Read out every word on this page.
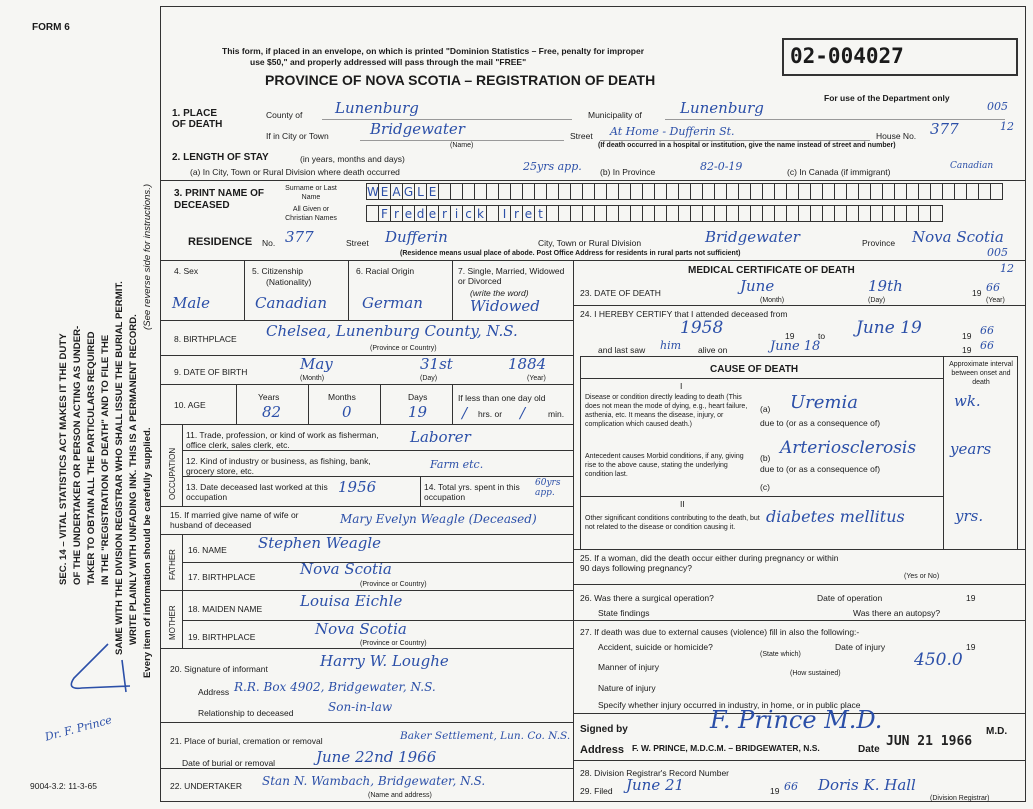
FORM 6
SEC. 14 – VITAL STATISTICS ACT MAKES IT THE DUTY OF THE UNDERTAKER OR PERSON ACTING AS UNDER- TAKER TO OBTAIN ALL THE PARTICULARS REQUIRED IN THE "REGISTRATION OF DEATH" AND TO FILE THE SAME WITH THE DIVISION REGISTRAR WHO SHALL ISSUE THE BURIAL PERMIT. WRITE PLAINLY WITH UNFADING INK. THIS IS A PERMANENT RECORD.
(See reverse side for instructions.)
Every item of information should be carefully supplied.
Dr. F. Prince
9004-3.2: 11-3-65
This form, if placed in an envelope, on which is printed "Dominion Statistics – Free, penalty for improper
use $50," and properly addressed will pass through the mail "FREE"
PROVINCE OF NOVA SCOTIA – REGISTRATION OF DEATH
02-004027
For use of the Department only
005
12
005
12
1. PLACE OF DEATH
County of Lunenburg	Municipality of	Lunenburg
If in City or Town	Bridgewater
(Name)
Street At Home - Dufferin St.	House No. 377
(If death occurred in a hospital or institution, give the name instead of street and number)
2. LENGTH OF STAY	(in years, months and days)
(a) In City, Town or Rural Division where death occurred	25yrs app. (b) In Province	82-0-19	(c) In Canada (if immigrant)
Canadian
3. PRINT NAME OF DECEASED
Surname or Last Name
All Given or Christian Names
W E A G L E
F r e d e r i c k	I r e t
RESIDENCE No. 377	Street Dufferin	City, Town or Rural Division	Bridgewater	Province Nova Scotia
(Residence means usual place of abode. Post Office Address for residents in rural parts not sufficient)
4. Sex
Male
5. Citizenship
(Nationality)
Canadian
6. Racial Origin
German
7. Single, Married, Widowed or Divorced
(write the word)
Widowed
8. BIRTHPLACE Chelsea, Lunenburg County, N.S.
(Province or Country)
9. DATE OF BIRTH	May
(Month)
31st
(Day)
1884
(Year)
10. AGE
Years	Months	Days
82	0	19
If less than one day old
/ hrs. or /	min.
OCCUPATION
11. Trade, profession, or kind of work as fisherman, office clerk, sales clerk, etc.	Laborer
12. Kind of industry or business, as fishing, bank, grocery store, etc.	Farm etc.
13. Date deceased last worked at this occupation
1956	14. Total yrs. spent in this occupation
60yrs app.
15. If married give name of wife or husband of deceased	Mary Evelyn Weagle (Deceased)
FATHER 16. NAME Stephen Weagle
17. BIRTHPLACE	Nova Scotia
(Province or Country)
MOTHER 18. MAIDEN NAME	Louisa Eichle
19. BIRTHPLACE	Nova Scotia
(Province or Country)
20. Signature of informant	Harry W. Loughe
Address R.R. Box 4902, Bridgewater, N.S.
Relationship to deceased	Son-in-law
21. Place of burial, cremation or removal	Baker Settlement, Lun. Co. N.S.
Date of burial or removal	June 22nd 1966
22. UNDERTAKER Stan N. Wambach, Bridgewater, N.S.
(Name and address)
MEDICAL CERTIFICATE OF DEATH
23. DATE OF DEATH	June
(Month)
19th
(Day)
19 66
(Year)
24. I HEREBY CERTIFY that I attended deceased from
1958	19	to June 19	19 66
and last saw him alive on	June 18	19 66
CAUSE OF DEATH	Approximate interval between onset and death
I
Disease or condition directly leading to death (This does not mean the mode of dying, e.g., heart failure, asthenia, etc. It means the disease, injury, or complication which caused death.)
(a) Uremia	wk.
due to (or as a consequence of)
Antecedent causes Morbid conditions, if any, giving rise to the above cause, stating the underlying condition last.
(b) Arteriosclerosis years
due to (or as a consequence of)
(c)
II
Other significant conditions contributing to the death, but not related to the disease or condition causing it.
diabetes mellitus	yrs.
25. If a woman, did the death occur either during pregnancy or within 90 days following pregnancy?
(Yes or No)
26. Was there a surgical operation?	Date of operation	19
State findings	Was there an autopsy?
27. If death was due to external causes (violence) fill in also the following:-
Accident, suicide or homicide?
(State which)
Date of injury	19
Manner of injury	450.0
(How sustained)
Nature of injury
Specify whether injury occurred in industry, in home, or in public place
Signed by	F. Prince M.D.	M.D.
Address F. W. PRINCE, M.D.C.M. – BRIDGEWATER, N.S.	Date
JUN 21 1966
28. Division Registrar's Record Number
29. Filed June 21	19 66 Doris K. Hall
(Division Registrar)
